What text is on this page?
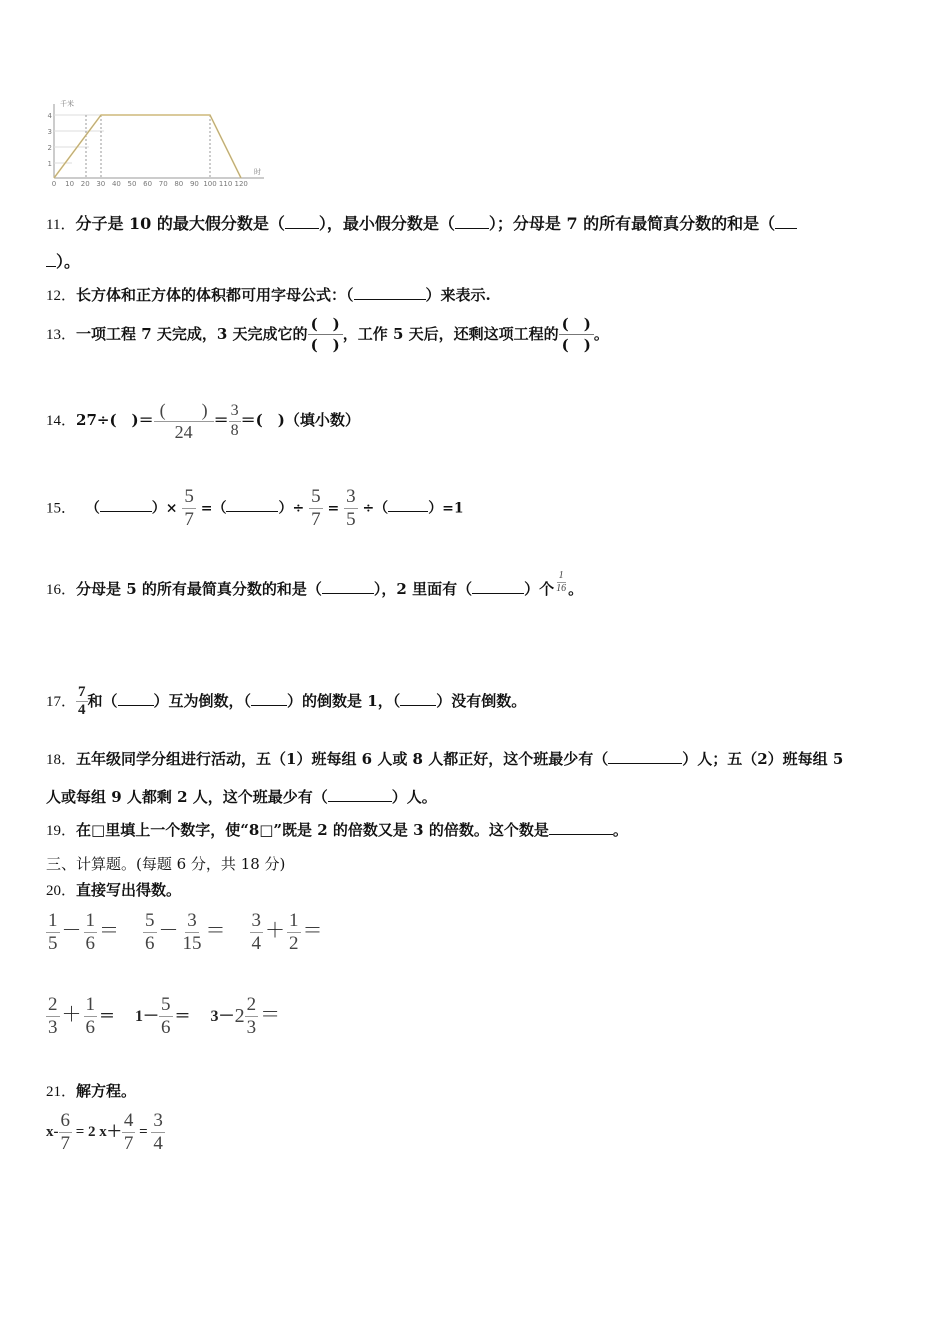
千米
时
1
2
3
4
0 10 20 30 40 50 60 70 80 90 100 110 120
11．分子是 10 的最大假分数是（ ），最小假分数是（ ）；分母是 7 的所有最简真分数的和是（
）。
12．长方体和正方体的体积都可用字母公式：（	）来表示.
13．一项工程 7 天完成，3 天完成它的 $\frac{( )}{( )}$ ，工作 5 天后，还剩这项工程的 $\frac{( )}{( )}$ 。
14．27÷(　)＝ $\frac{( )}{24} = \frac{3}{8}$ ＝(　)（填小数）
15． （	）× $\frac{5}{7}$ =（	）÷ $\frac{5}{7} = \frac{3}{5}$ ÷（	）=1
16．分母是 5 的所有最简真分数的和是（	），2 里面有（	）个 $\frac{1}{16}$ 。
17． $\frac{7}{4}$ 和（ ）互为倒数，（ ）的倒数是 1，（ ）没有倒数。
18．五年级同学分组进行活动，五（1）班每组 6 人或 8 人都正好，这个班最少有（	）人；五（2）班每组 5
人或每组 9 人都剩 2 人，这个班最少有（	）人。
19．在□里填上一个数字，使“8□”既是 2 的倍数又是 3 的倍数。这个数是	。
三、计算题。(每题 6 分，共 18 分)
20．直接写出得数。
$\frac{1}{5} - \frac{1}{6} = \frac{5}{6} - \frac{3}{15} = \frac{3}{4} + \frac{1}{2}$ ＝
$\frac{2}{3} + \frac{1}{6} = 1- \frac{5}{6} = 3-2 \frac{2}{3}$ ＝
21．解方程。
$x- \frac{6}{7} = 2$ $x+ \frac{4}{7} = \frac{3}{4}$
